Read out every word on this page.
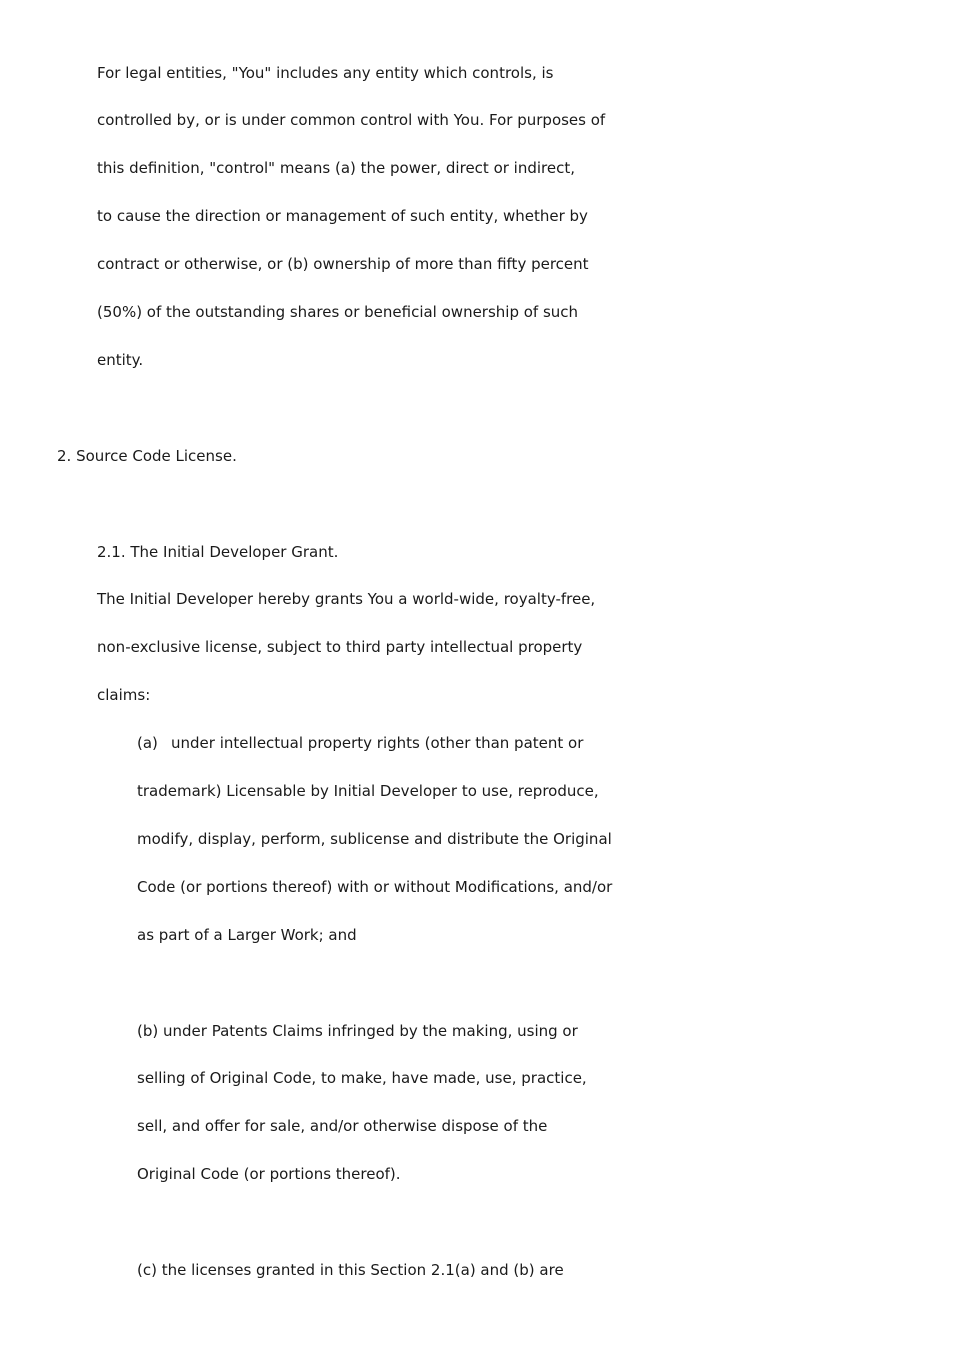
For legal entities, "You" includes any entity which controls, is
controlled by, or is under common control with You. For purposes of
this definition, "control" means (a) the power, direct or indirect,
to cause the direction or management of such entity, whether by
contract or otherwise, or (b) ownership of more than fifty percent
(50%) of the outstanding shares or beneficial ownership of such
entity.
2. Source Code License.
2.1. The Initial Developer Grant.
The Initial Developer hereby grants You a world-wide, royalty-free,
non-exclusive license, subject to third party intellectual property
claims:
(a) under intellectual property rights (other than patent or
trademark) Licensable by Initial Developer to use, reproduce,
modify, display, perform, sublicense and distribute the Original
Code (or portions thereof) with or without Modifications, and/or
as part of a Larger Work; and
(b) under Patents Claims infringed by the making, using or
selling of Original Code, to make, have made, use, practice,
sell, and offer for sale, and/or otherwise dispose of the
Original Code (or portions thereof).
(c) the licenses granted in this Section 2.1(a) and (b) are
